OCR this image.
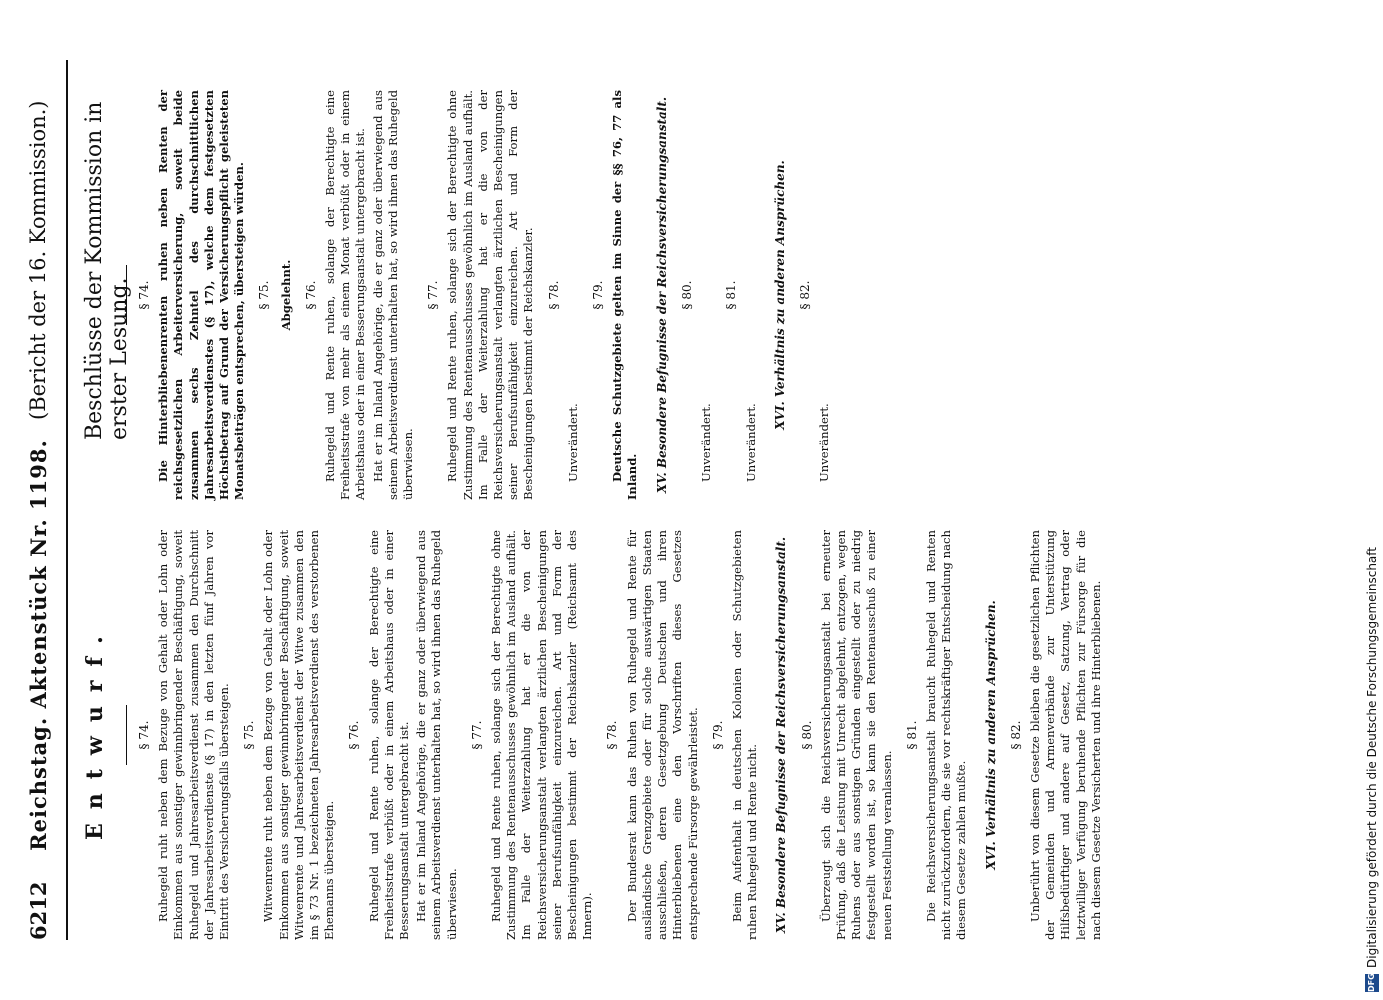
6212
Reichstag. Aktenstück Nr. 1198.
(Bericht der 16. Kommission.)
Entwurf.
Beschlüsse der Kommission in erster Lesung.
§ 74. Ruhegeld ruht neben dem Bezuge von Gehalt oder Lohn oder Einkommen aus sonstiger gewinnbringender Beschäftigung, soweit Ruhegeld und Jahresarbeitsverdienst zusammen den Durchschnitt der Jahresarbeitsverdienste (§ 17) in den letzten fünf Jahren vor Eintritt des Versicherungsfalls übersteigen. § 75. Witwenrente ruht neben dem Bezuge von Gehalt oder Lohn oder Einkommen aus sonstiger gewinnbringender Beschäftigung, soweit Witwenrente und Jahresarbeitsverdienst der Witwe zusammen den im § 73 Nr. 1 bezeichneten Jahresarbeitsverdienst des verstorbenen Ehemanns übersteigen.

§ 76. Ruhegeld und Rente ruhen, solange der Berechtigte eine Freiheitsstrafe verbüßt oder in einem Arbeitshaus oder in einer Besserungsanstalt untergebracht ist. Hat er im Inland Angehörige, die er ganz oder überwiegend aus seinem Arbeitsverdienst unterhalten hat, so wird ihnen das Ruhegeld überwiesen.

§ 77. Ruhegeld und Rente ruhen, solange sich der Berechtigte ohne Zustimmung des Rentenausschusses gewöhnlich im Ausland aufhält. Im Falle der Weiterzahlung hat er die von der Reichsversicherungsanstalt verlangten ärztlichen Bescheinigungen seiner Berufsunfähigkeit einzureichen. Art und Form der Bescheinigungen bestimmt der Reichskanzler (Reichsamt des Innern).

§ 78. Der Bundesrat kann das Ruhen von Ruhegeld und Rente für ausländische Grenzgebiete oder für solche auswärtigen Staaten ausschließen, deren Gesetzgebung Deutschen und ihren Hinterbliebenen eine den Vorschriften dieses Gesetzes entsprechende Fürsorge gewährleistet. § 79. Beim Aufenthalt in deutschen Kolonien oder Schutzgebieten ruhen Ruhegeld und Rente nicht. XV. Besondere Befugnisse der Reichsversicherungsanstalt. § 80. Überzeugt sich die Reichsversicherungsanstalt bei erneuter Prüfung, daß die Leistung mit Unrecht abgelehnt, entzogen, wegen Ruhens oder aus sonstigen Gründen eingestellt oder zu niedrig festgestellt worden ist, so kann sie den Rentenausschuß zu einer neuen Feststellung veranlassen.

§ 81. Die Reichsversicherungsanstalt braucht Ruhegeld und Renten nicht zurückzufordern, die sie vor rechtskräftiger Entscheidung nach diesem Gesetze zahlen mußte. XVI. Verhältnis zu anderen Ansprüchen. § 82. Unberührt von diesem Gesetze bleiben die gesetzlichen Pflichten der Gemeinden und Armenverbände zur Unterstützung Hilfsbedürftiger und andere auf Gesetz, Satzung, Vertrag oder letztwilliger Verfügung beruhende Pflichten zur Fürsorge für die nach diesem Gesetze Versicherten und ihre Hinterbliebenen.

§ 74. Die Hinterbliebenenrenten ruhen neben Renten der reichsgesetzlichen Arbeiterversicherung, soweit beide zusammen sechs Zehntel des durchschnittlichen Jahresarbeitsverdienstes (§ 17), welche dem festgesetzten Höchstbetrag auf Grund der Versicherungspflicht geleisteten Monatsbeiträgen entsprechen, übersteigen würden. § 75. Abgelehnt. § 76. Ruhegeld und Rente ruhen, solange der Berechtigte eine Freiheitsstrafe von mehr als einem Monat verbüßt oder in einem Arbeitshaus oder in einer Besserungsanstalt untergebracht ist. Hat er im Inland Angehörige, die er ganz oder überwiegend aus seinem Arbeitsverdienst unterhalten hat, so wird ihnen das Ruhegeld überwiesen.

§ 77. Ruhegeld und Rente ruhen, solange sich der Berechtigte ohne Zustimmung des Rentenausschusses gewöhnlich im Ausland aufhält. Im Falle der Weiterzahlung hat er die von der Reichsversicherungsanstalt verlangten ärztlichen Bescheinigungen seiner Berufsunfähigkeit einzureichen. Art und Form der Bescheinigungen bestimmt der Reichskanzler. § 78.

Unverändert.

§ 79. Deutsche Schutzgebiete gelten im Sinne der §§ 76, 77 als Inland. XV. Besondere Befugnisse der Reichsversicherungsanstalt. § 80.

Unverändert.

§ 81.

Unverändert.

XVI. Verhältnis zu anderen Ansprüchen. § 82.

Unverändert.

DFG
Digitalisierung gefördert durch die Deutsche Forschungsgemeinschaft
